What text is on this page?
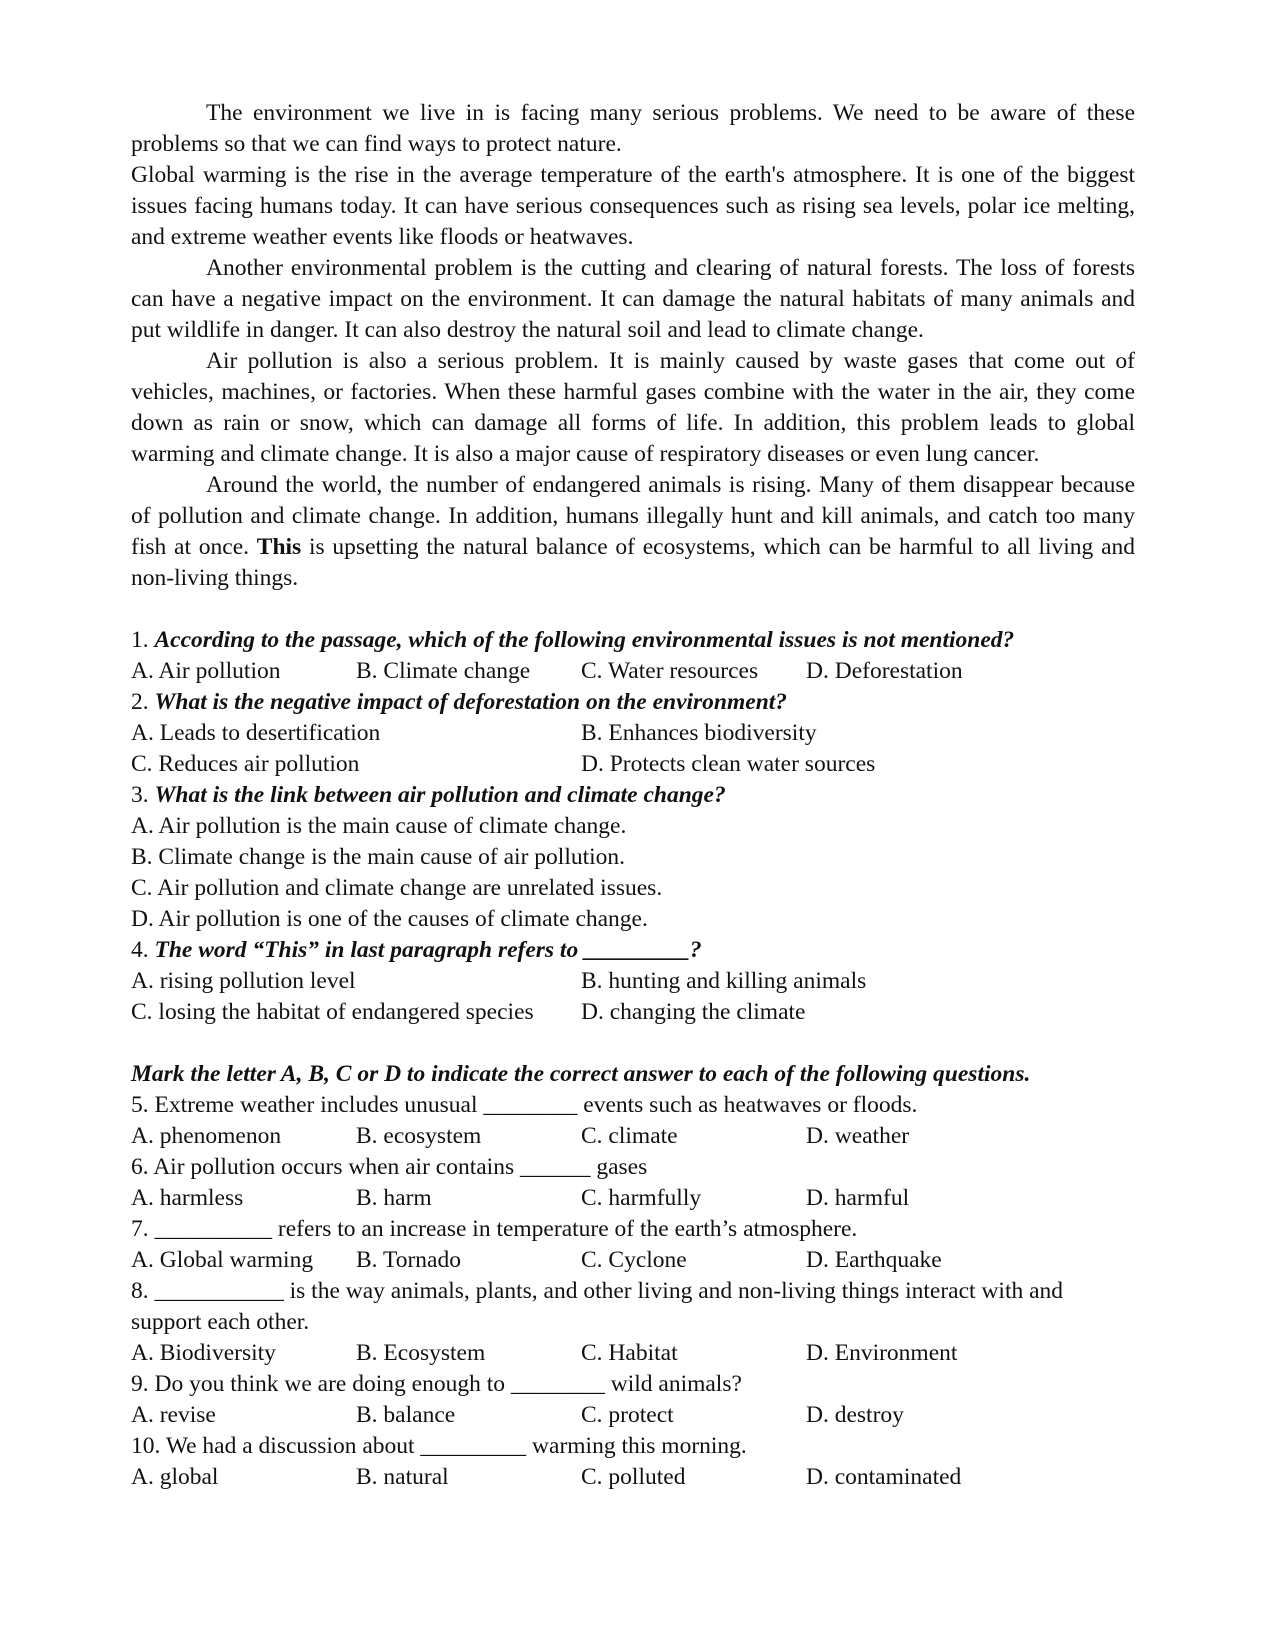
The environment we live in is facing many serious problems. We need to be aware of these problems so that we can find ways to protect nature.

Global warming is the rise in the average temperature of the earth's atmosphere. It is one of the biggest issues facing humans today. It can have serious consequences such as rising sea levels, polar ice melting, and extreme weather events like floods or heatwaves.

Another environmental problem is the cutting and clearing of natural forests. The loss of forests can have a negative impact on the environment. It can damage the natural habitats of many animals and put wildlife in danger. It can also destroy the natural soil and lead to climate change.

Air pollution is also a serious problem. It is mainly caused by waste gases that come out of vehicles, machines, or factories. When these harmful gases combine with the water in the air, they come down as rain or snow, which can damage all forms of life. In addition, this problem leads to global warming and climate change. It is also a major cause of respiratory diseases or even lung cancer.

Around the world, the number of endangered animals is rising. Many of them disappear because of pollution and climate change. In addition, humans illegally hunt and kill animals, and catch too many fish at once. This is upsetting the natural balance of ecosystems, which can be harmful to all living and non-living things.

1. According to the passage, which of the following environmental issues is not mentioned?

A. Air pollution	B. Climate change	C. Water resources	D. Deforestation

2. What is the negative impact of deforestation on the environment?

A. Leads to desertification	B. Enhances biodiversity
C. Reduces air pollution	D. Protects clean water sources

3. What is the link between air pollution and climate change?

A. Air pollution is the main cause of climate change.

B. Climate change is the main cause of air pollution.

C. Air pollution and climate change are unrelated issues.

D. Air pollution is one of the causes of climate change.

4. The word “This” in last paragraph refers to _________?

A. rising pollution level	B. hunting and killing animals
C. losing the habitat of endangered species	D. changing the climate

Mark the letter A, B, C or D to indicate the correct answer to each of the following questions.

5. Extreme weather includes unusual ________ events such as heatwaves or floods.

A. phenomenon	B. ecosystem	C. climate	D. weather

6. Air pollution occurs when air contains ______ gases

A. harmless	B. harm	C. harmfully	D. harmful

7. __________ refers to an increase in temperature of the earth’s atmosphere.

A. Global warming	B. Tornado	C. Cyclone	D. Earthquake

8. ___________ is the way animals, plants, and other living and non-living things interact with and support each other.

A. Biodiversity	B. Ecosystem	C. Habitat	D. Environment

9. Do you think we are doing enough to ________ wild animals?

A. revise	B. balance	C. protect	D. destroy

10. We had a discussion about _________ warming this morning.

A. global	B. natural	C. polluted	D. contaminated
